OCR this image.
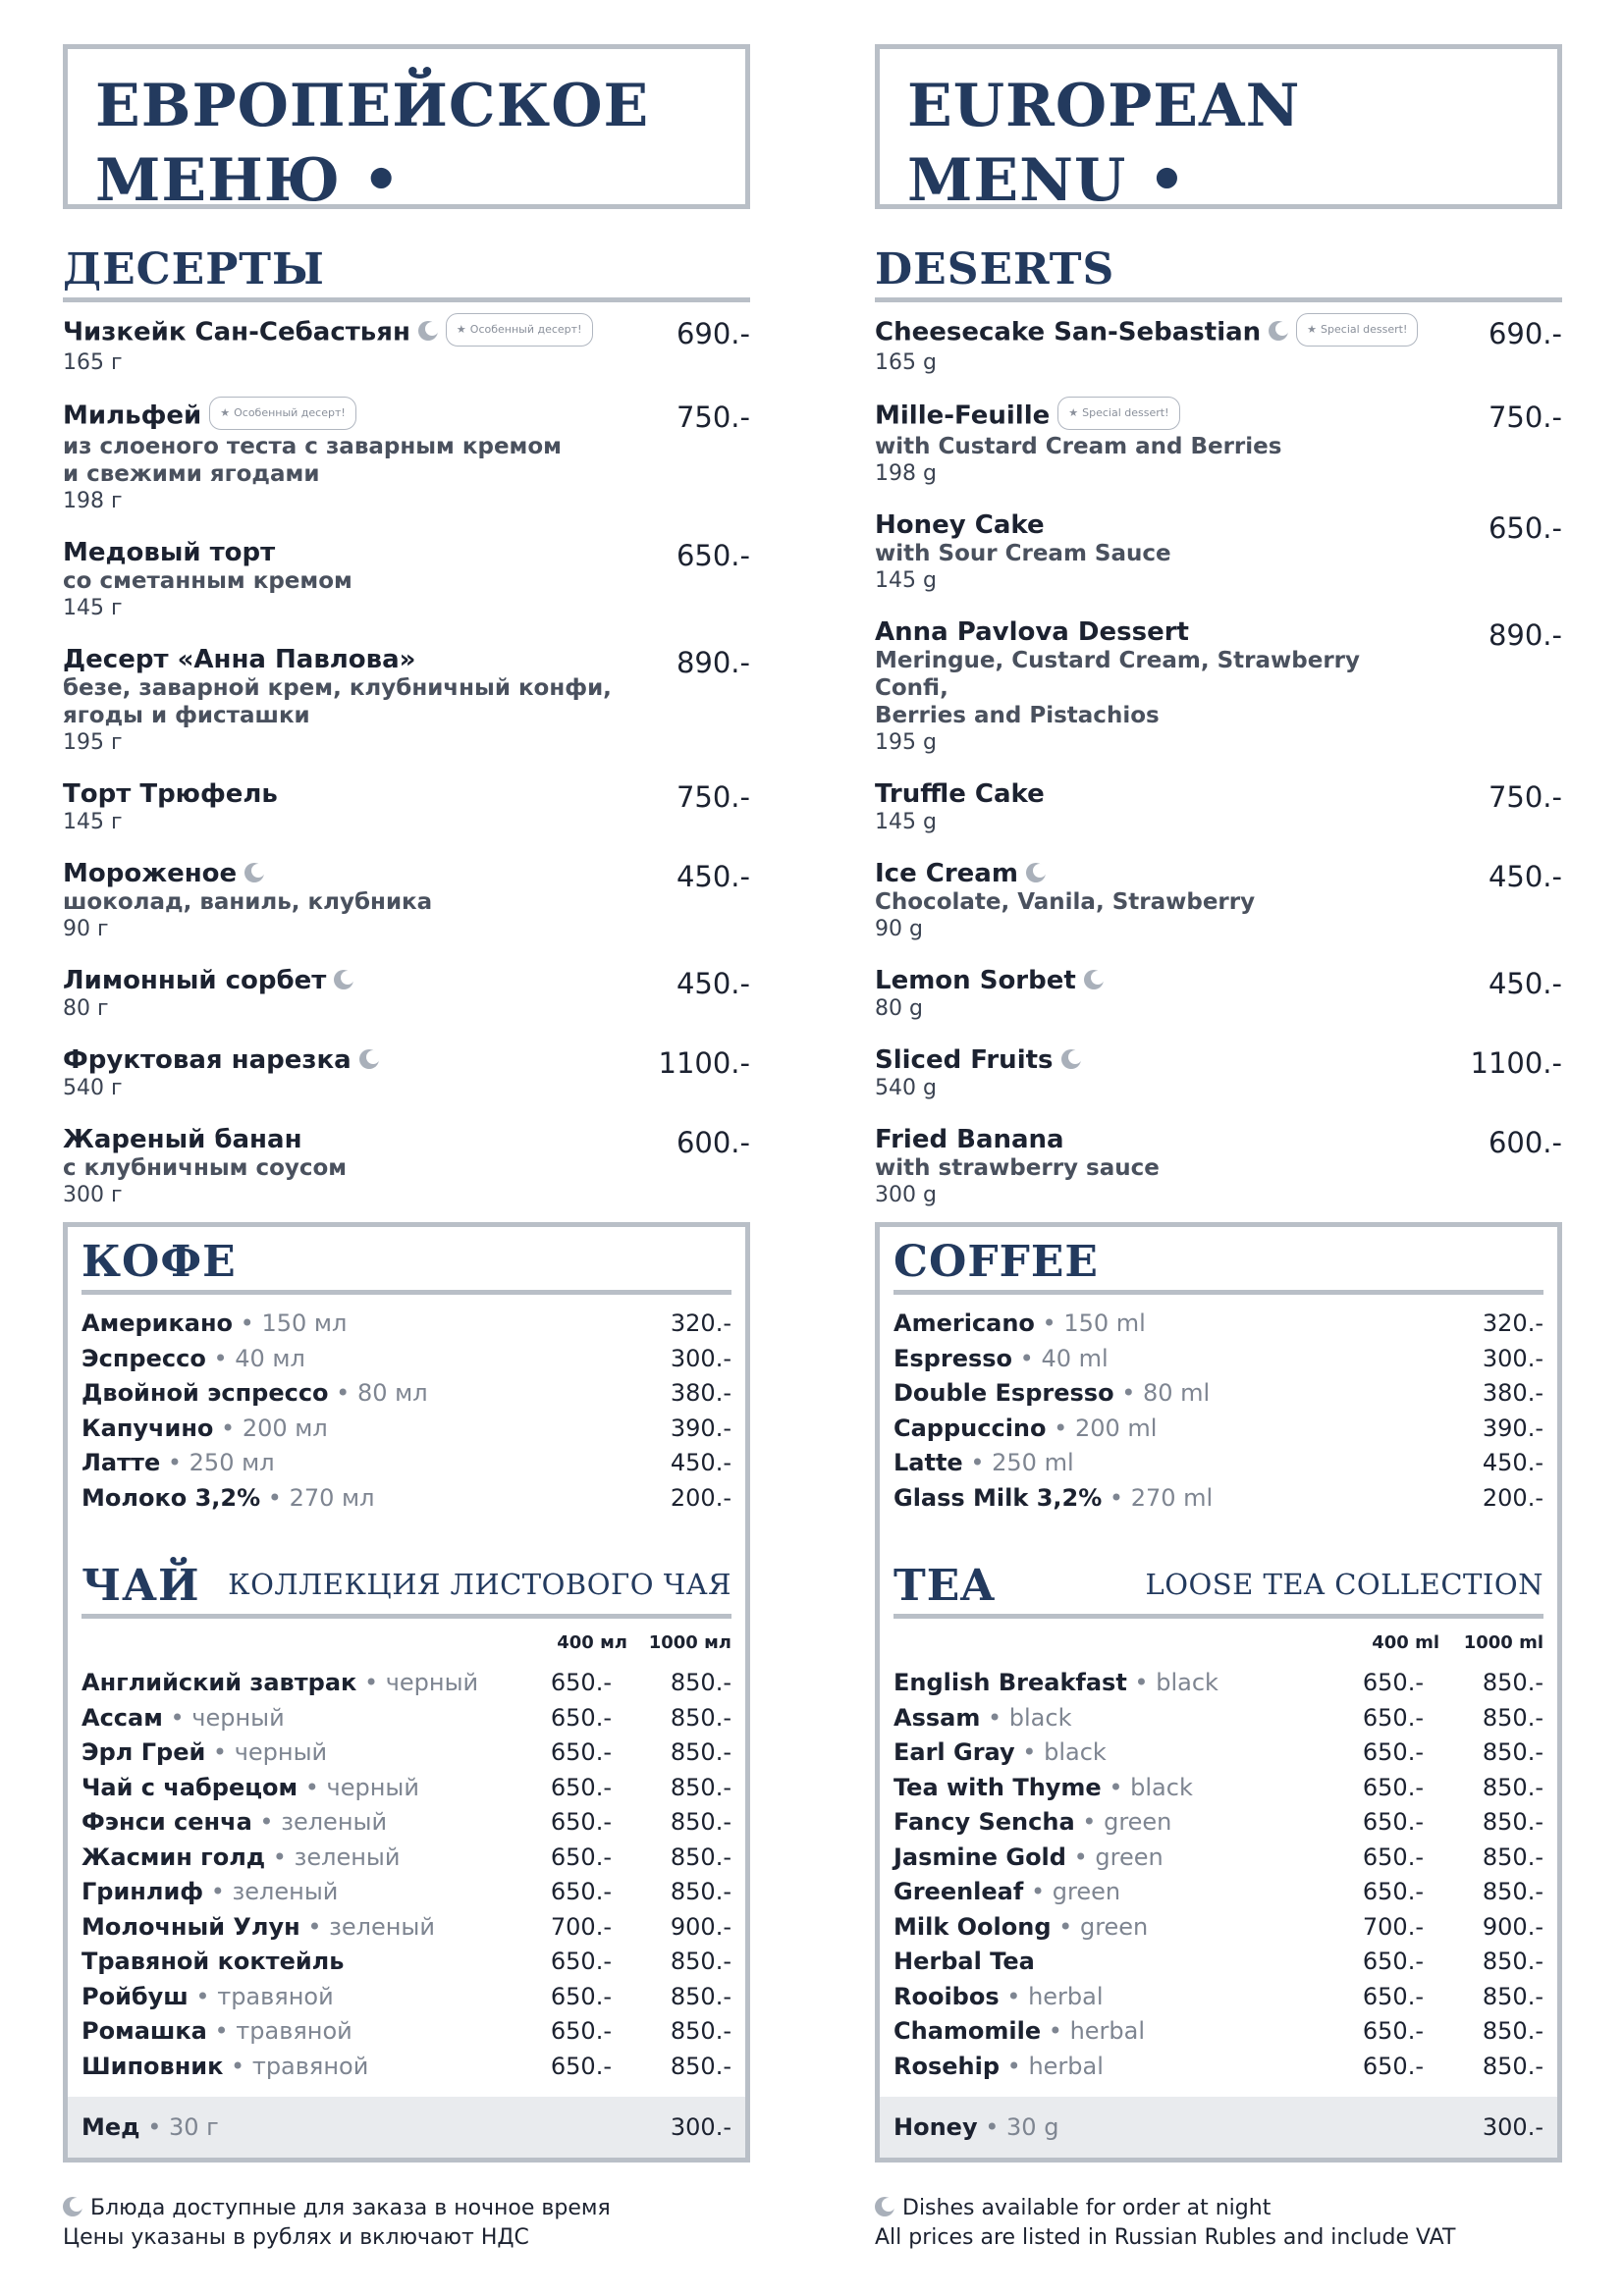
ЕВРОПЕЙСКОЕ
МЕНЮ •
ДЕСЕРТЫ
Чизкейк Сан-Себастьян	★ Особенный десерт!
165 г
690.-
Мильфей ★ Особенный десерт!
из слоеного теста с заварным кремом
и свежими ягодами
198 г
750.-
Медовый торт
со сметанным кремом
145 г
650.-
Десерт «Анна Павлова»
безе, заварной крем, клубничный конфи,
ягоды и фисташки
195 г
890.-
Торт Трюфель
145 г
750.-
Мороженое
шоколад, ваниль, клубника
90 г
450.-
Лимонный сорбет
80 г
450.-
Фруктовая нарезка
540 г
1100.-
Жареный банан
с клубничным соусом
300 г
600.-
EUROPEAN
MENU •
DESERTS
Cheesecake San-Sebastian	★ Special dessert!
165 g
690.-
Mille-Feuille ★ Special dessert!
with Custard Cream and Berries
198 g
750.-
Honey Cake
with Sour Cream Sauce
145 g
650.-
Anna Pavlova Dessert
Meringue, Custard Cream, Strawberry Confi,
Berries and Pistachios
195 g
890.-
Truffle Cake
145 g
750.-
Ice Cream
Chocolate, Vanila, Strawberry
90 g
450.-
Lemon Sorbet
80 g
450.-
Sliced Fruits
540 g
1100.-
Fried Banana
with strawberry sauce
300 g
600.-
КОФЕ
Американо • 150 мл	320.-
Эспрессо • 40 мл	300.-
Двойной эспрессо • 80 мл	380.-
Капучино • 200 мл	390.-
Латте • 250 мл	450.-
Молоко 3,2% • 270 мл	200.-
ЧАЙ КОЛЛЕКЦИЯ ЛИСТОВОГО ЧАЯ
400 мл 1000 мл
Английский завтрак • черный	650.- 850.-
Ассам • черный	650.- 850.-
Эрл Грей • черный	650.- 850.-
Чай с чабрецом • черный	650.- 850.-
Фэнси сенча • зеленый	650.- 850.-
Жасмин голд • зеленый	650.- 850.-
Гринлиф • зеленый	650.- 850.-
Молочный Улун • зеленый	700.- 900.-
Травяной коктейль	650.- 850.-
Ройбуш • травяной	650.- 850.-
Ромашка • травяной	650.- 850.-
Шиповник • травяной	650.- 850.-
Мед • 30 г	300.-
COFFEE
Americano • 150 ml	320.-
Espresso • 40 ml	300.-
Double Espresso • 80 ml	380.-
Cappuccino • 200 ml	390.-
Latte • 250 ml	450.-
Glass Milk 3,2% • 270 ml	200.-
TEA	LOOSE TEA COLLECTION
400 ml 1000 ml
English Breakfast • black	650.- 850.-
Assam • black	650.- 850.-
Earl Gray • black	650.- 850.-
Tea with Thyme • black	650.- 850.-
Fancy Sencha • green	650.- 850.-
Jasmine Gold • green	650.- 850.-
Greenleaf • green	650.- 850.-
Milk Oolong • green	700.- 900.-
Herbal Tea	650.- 850.-
Rooibos • herbal	650.- 850.-
Chamomile • herbal	650.- 850.-
Rosehip • herbal	650.- 850.-
Honey • 30 g	300.-
Блюда доступные для заказа в ночное время
Цены указаны в рублях и включают НДС
Dishes available for order at night
All prices are listed in Russian Rubles and include VAT
